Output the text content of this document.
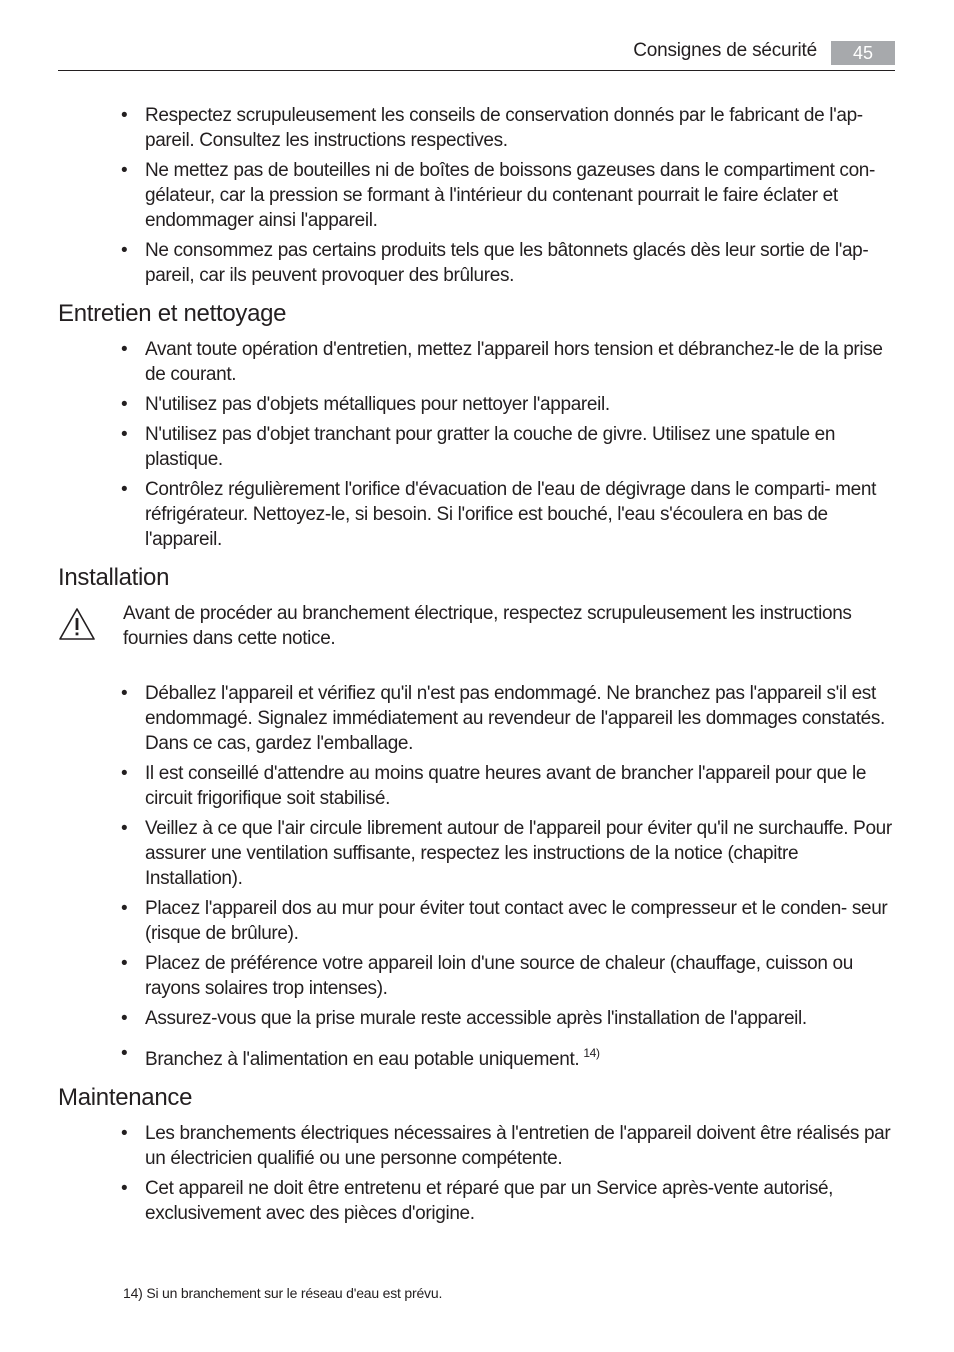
Consignes de sécurité	45
• Respectez scrupuleusement les conseils de conservation donnés par le fabricant de l'ap- pareil. Consultez les instructions respectives.
• Ne mettez pas de bouteilles ni de boîtes de boissons gazeuses dans le compartiment con- gélateur, car la pression se formant à l'intérieur du contenant pourrait le faire éclater et endommager ainsi l'appareil.
• Ne consommez pas certains produits tels que les bâtonnets glacés dès leur sortie de l'ap- pareil, car ils peuvent provoquer des brûlures.
Entretien et nettoyage
• Avant toute opération d'entretien, mettez l'appareil hors tension et débranchez-le de la prise de courant.
• N'utilisez pas d'objets métalliques pour nettoyer l'appareil.
• N'utilisez pas d'objet tranchant pour gratter la couche de givre. Utilisez une spatule en plastique.
• Contrôlez régulièrement l'orifice d'évacuation de l'eau de dégivrage dans le comparti- ment réfrigérateur. Nettoyez-le, si besoin. Si l'orifice est bouché, l'eau s'écoulera en bas de l'appareil.
Installation
Avant de procéder au branchement électrique, respectez scrupuleusement les instructions fournies dans cette notice.
• Déballez l'appareil et vérifiez qu'il n'est pas endommagé. Ne branchez pas l'appareil s'il est endommagé. Signalez immédiatement au revendeur de l'appareil les dommages constatés. Dans ce cas, gardez l'emballage.
• Il est conseillé d'attendre au moins quatre heures avant de brancher l'appareil pour que le circuit frigorifique soit stabilisé.
• Veillez à ce que l'air circule librement autour de l'appareil pour éviter qu'il ne surchauffe. Pour assurer une ventilation suffisante, respectez les instructions de la notice (chapitre Installation).
• Placez l'appareil dos au mur pour éviter tout contact avec le compresseur et le conden- seur (risque de brûlure).
• Placez de préférence votre appareil loin d'une source de chaleur (chauffage, cuisson ou rayons solaires trop intenses).
• Assurez-vous que la prise murale reste accessible après l'installation de l'appareil.
• Branchez à l'alimentation en eau potable uniquement. $^{14)}$
Maintenance
• Les branchements électriques nécessaires à l'entretien de l'appareil doivent être réalisés par un électricien qualifié ou une personne compétente.
• Cet appareil ne doit être entretenu et réparé que par un Service après-vente autorisé, exclusivement avec des pièces d'origine.
14) Si un branchement sur le réseau d'eau est prévu.
